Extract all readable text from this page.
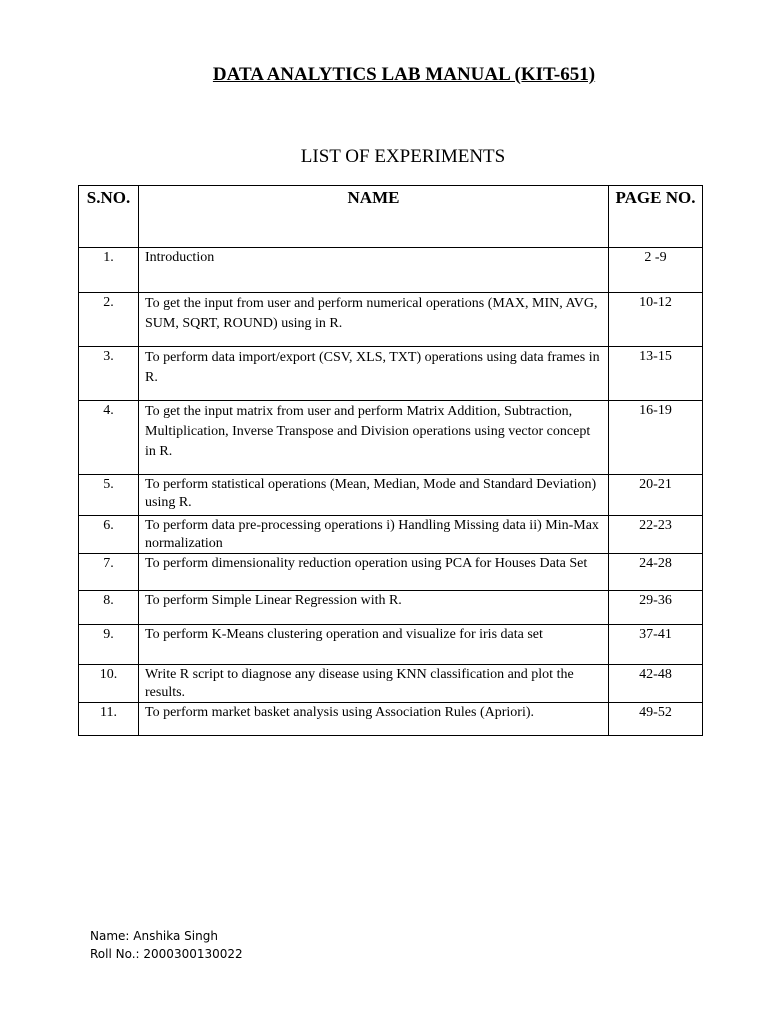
DATA ANALYTICS LAB MANUAL (KIT-651)
LIST OF EXPERIMENTS
S.NO.	NAME	PAGE NO.
1.	Introduction	2 -9
2.	To get the input from user and perform numerical operations (MAX, MIN, AVG, SUM, SQRT, ROUND) using in R.	10-12
3.	To perform data import/export (CSV, XLS, TXT) operations using data frames in R.	13-15
4.	To get the input matrix from user and perform Matrix Addition, Subtraction, Multiplication, Inverse Transpose and Division operations using vector concept in R.	16-19
5.	To perform statistical operations (Mean, Median, Mode and Standard Deviation) using R.	20-21
6.	To perform data pre-processing operations i) Handling Missing data ii) Min-Max normalization	22-23
7.	To perform dimensionality reduction operation using PCA for Houses Data Set	24-28
8.	To perform Simple Linear Regression with R.	29-36
9.	To perform K-Means clustering operation and visualize for iris data set	37-41
10.	Write R script to diagnose any disease using KNN classification and plot the results.	42-48
11.	To perform market basket analysis using Association Rules (Apriori).	49-52
Name: Anshika Singh
Roll No.: 2000300130022
